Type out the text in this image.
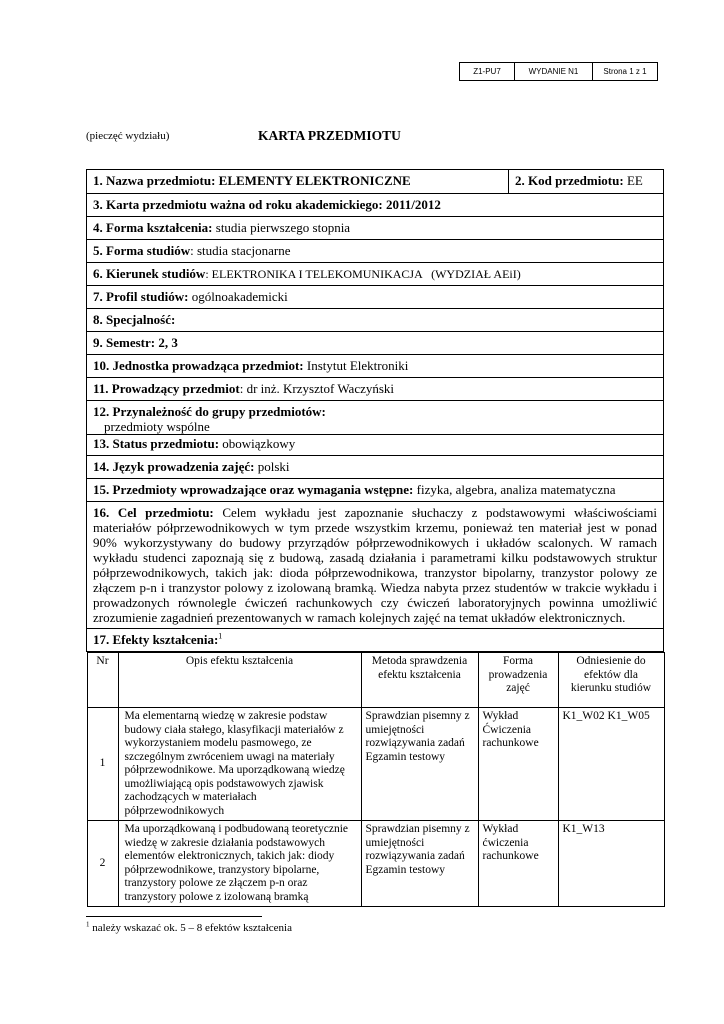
Z1-PU7	WYDANIE N1	Strona 1 z 1
(pieczęć wydziału)	KARTA PRZEDMIOTU
1. Nazwa przedmiotu: ELEMENTY ELEKTRONICZNE	2. Kod przedmiotu: EE
3. Karta przedmiotu ważna od roku akademickiego: 2011/2012
4. Forma kształcenia: studia pierwszego stopnia
5. Forma studiów: studia stacjonarne
6. Kierunek studiów: ELEKTRONIKA I TELEKOMUNIKACJA   (WYDZIAŁ AEiI)
7. Profil studiów: ogólnoakademicki
8. Specjalność:
9. Semestr: 2, 3
10. Jednostka prowadząca przedmiot: Instytut Elektroniki
11. Prowadzący przedmiot: dr inż. Krzysztof Waczyński
12. Przynależność do grupy przedmiotów:
przedmioty wspólne

13. Status przedmiotu: obowiązkowy
14. Język prowadzenia zajęć: polski
15. Przedmioty wprowadzające oraz wymagania wstępne: fizyka, algebra, analiza matematyczna
16. Cel przedmiotu: Celem wykładu jest zapoznanie słuchaczy z podstawowymi właściwościami materiałów półprzewodnikowych w tym przede wszystkim krzemu, ponieważ ten materiał jest w ponad 90% wykorzystywany do budowy przyrządów półprzewodnikowych i układów scalonych. W ramach wykładu studenci zapoznają się z budową, zasadą działania i parametrami kilku podstawowych struktur półprzewodnikowych, takich jak: dioda półprzewodnikowa, tranzystor bipolarny, tranzystor polowy ze złączem p-n i tranzystor polowy z izolowaną bramką. Wiedza nabyta przez studentów w trakcie wykładu i prowadzonych równolegle ćwiczeń rachunkowych czy ćwiczeń laboratoryjnych powinna umożliwić zrozumienie zagadnień prezentowanych w ramach kolejnych zajęć na temat układów elektronicznych.
17. Efekty kształcenia:$^1$

Nr	Opis efektu kształcenia	Metoda sprawdzenia efektu kształcenia	Forma prowadzenia zajęć	Odniesienie do efektów dla kierunku studiów
1	Ma elementarną wiedzę w zakresie podstaw budowy ciała stałego, klasyfikacji materiałów z wykorzystaniem modelu pasmowego, ze szczególnym zwróceniem uwagi na materiały półprzewodnikowe. Ma uporządkowaną wiedzę umożliwiającą opis podstawowych zjawisk zachodzących w materiałach półprzewodnikowych	Sprawdzian pisemny z umiejętności rozwiązywania zadań Egzamin testowy	Wykład Ćwiczenia rachunkowe	K1_W02 K1_W05
2	Ma uporządkowaną i podbudowaną teoretycznie wiedzę w zakresie działania podstawowych elementów elektronicznych, takich jak: diody półprzewodnikowe, tranzystory bipolarne, tranzystory polowe ze złączem p-n oraz tranzystory polowe z izolowaną bramką	Sprawdzian pisemny z umiejętności rozwiązywania zadań Egzamin testowy	Wykład ćwiczenia rachunkowe	K1_W13
$^1$ należy wskazać ok. 5 – 8 efektów kształcenia
